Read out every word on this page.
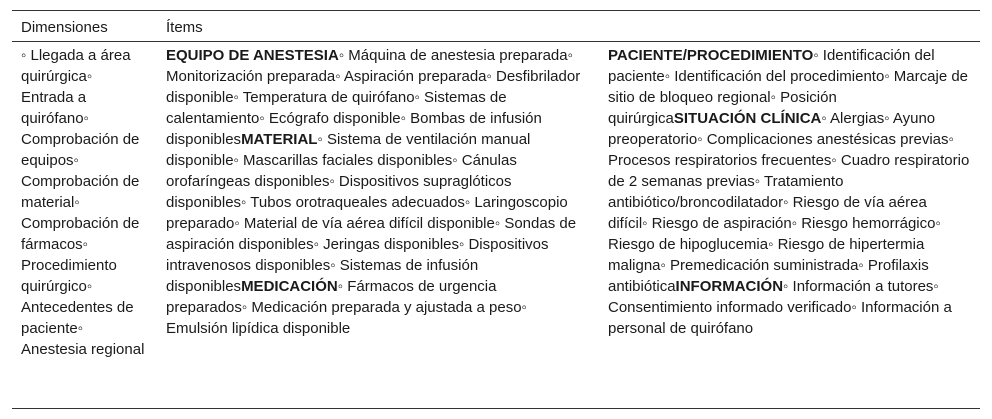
Dimensiones	Ítems
◦ Llegada a área quirúrgica◦ Entrada a quirófano◦ Comprobación de equipos◦ Comprobación de material◦ Comprobación de fármacos◦ Procedimiento quirúrgico◦ Antecedentes de paciente◦ Anestesia regional
EQUIPO DE ANESTESIA◦ Máquina de anestesia preparada◦ Monitorización preparada◦ Aspiración preparada◦ Desfibrilador disponible◦ Temperatura de quirófano◦ Sistemas de calentamiento◦ Ecógrafo disponible◦ Bombas de infusión disponiblesMATERIAL◦ Sistema de ventilación manual disponible◦ Mascarillas faciales disponibles◦ Cánulas orofaríngeas disponibles◦ Dispositivos supraglóticos disponibles◦ Tubos orotraqueales adecuados◦ Laringoscopio preparado◦ Material de vía aérea difícil disponible◦ Sondas de aspiración disponibles◦ Jeringas disponibles◦ Dispositivos intravenosos disponibles◦ Sistemas de infusión disponiblesMEDICACIÓN◦ Fármacos de urgencia preparados◦ Medicación preparada y ajustada a peso◦ Emulsión lipídica disponible
PACIENTE/PROCEDIMIENTO◦ Identificación del paciente◦ Identificación del procedimiento◦ Marcaje de sitio de bloqueo regional◦ Posición quirúrgicaSITUACIÓN CLÍNICA◦ Alergias◦ Ayuno preoperatorio◦ Complicaciones anestésicas previas◦ Procesos respiratorios frecuentes◦ Cuadro respiratorio de 2 semanas previas◦ Tratamiento antibiótico/broncodilatador◦ Riesgo de vía aérea difícil◦ Riesgo de aspiración◦ Riesgo hemorrágico◦ Riesgo de hipoglucemia◦ Riesgo de hipertermia maligna◦ Premedicación suministrada◦ Profilaxis antibióticaINFORMACIÓN◦ Información a tutores◦ Consentimiento informado verificado◦ Información a personal de quirófano
